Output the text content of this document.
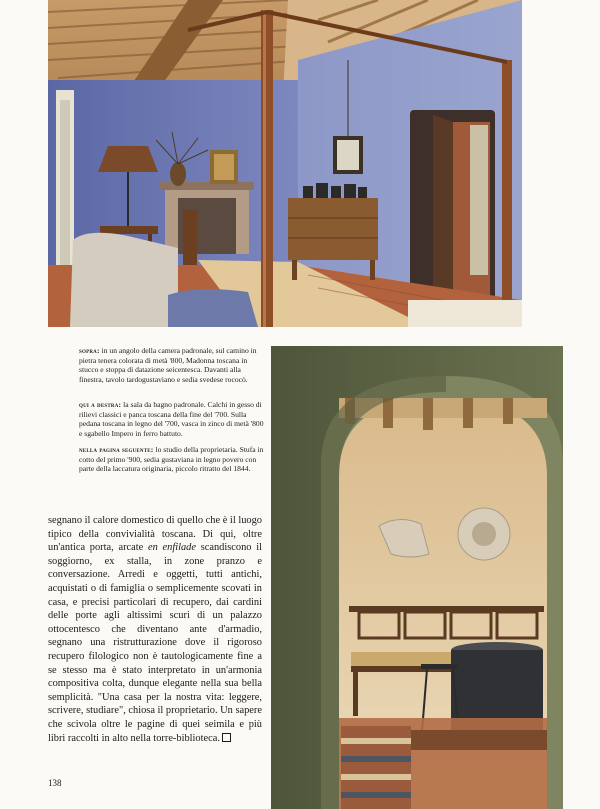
sopra: in un angolo della camera padronale, sul camino in pietra tenera colorata di metà '800, Madonna toscana in stucco e stoppa di datazione seicentesca. Davanti alla finestra, tavolo tardogustaviano e sedia svedese rococò.

qui a destra: la sala da bagno padronale. Calchi in gesso di rilievi classici e panca toscana della fine del '700. Sulla pedana toscana in legno del '700, vasca in zinco di metà '800 e sgabello Impero in ferro battuto.

nella pagina seguente: lo studio della proprietaria. Stufa in cotto del primo '900, sedia gustaviana in legno povero con parte della laccatura originaria, piccolo ritratto del 1844.

segnano il calore domestico di quello che è il luogo tipico della convivialità toscana. Di qui, oltre un'antica porta, arcate en enfilade scandiscono il soggiorno, ex stalla, in zone pranzo e conversazione. Arredi e oggetti, tutti antichi, acquistati o di famiglia o semplicemente scovati in casa, e precisi particolari di recupero, dai cardini delle porte agli altissimi scuri di un palazzo ottocentesco che diventano ante d'armadio, segnano una ristrutturazione dove il rigoroso recupero filologico non è tautologicamente fine a se stesso ma è stato interpretato in un'armonia compositiva colta, dunque elegante nella sua bella semplicità. "Una casa per la nostra vita: leggere, scrivere, studiare", chiosa il proprietario. Un sapere che scivola oltre le pagine di quei seimila e più libri raccolti in alto nella torre-biblioteca.

138
